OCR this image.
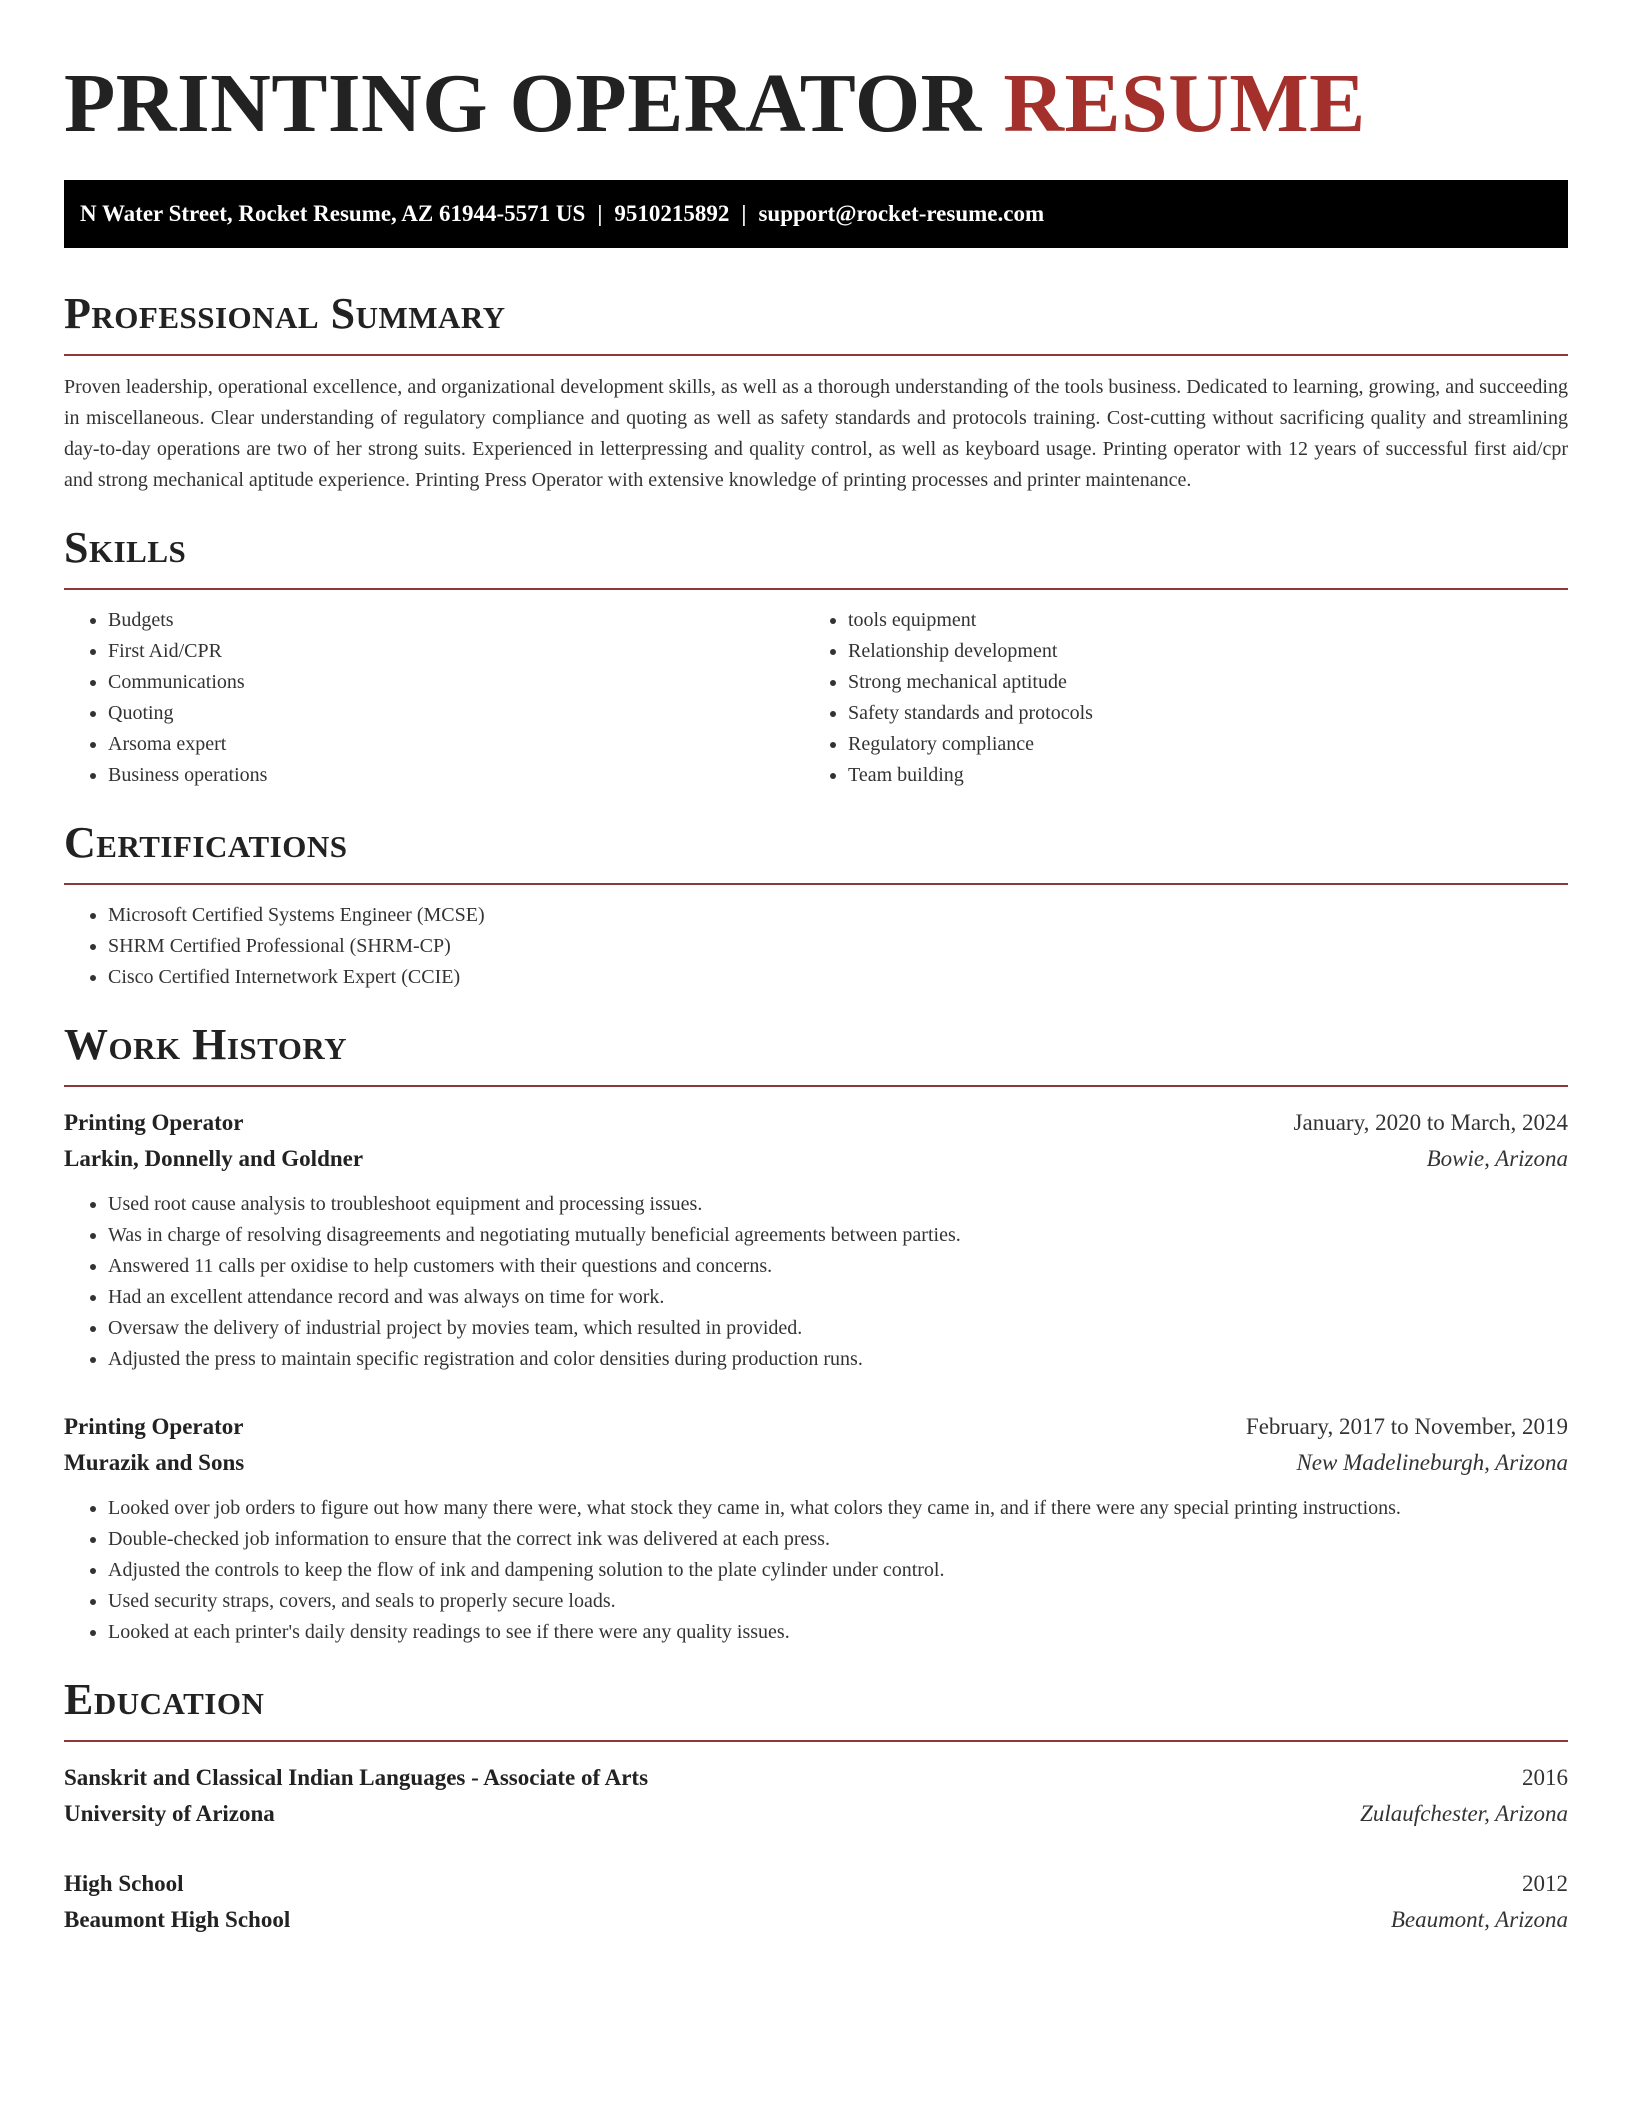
PRINTING OPERATOR RESUME
N Water Street, Rocket Resume, AZ 61944-5571 US | 9510215892 | support@rocket-resume.com
Professional Summary

Proven leadership, operational excellence, and organizational development skills, as well as a thorough understanding of the tools business. Dedicated to learning, growing, and succeeding in miscellaneous. Clear understanding of regulatory compliance and quoting as well as safety standards and protocols training. Cost-cutting without sacrificing quality and streamlining day-to-day operations are two of her strong suits. Experienced in letterpressing and quality control, as well as keyboard usage. Printing operator with 12 years of successful first aid/cpr and strong mechanical aptitude experience. Printing Press Operator with extensive knowledge of printing processes and printer maintenance.

Skills
• Budgets
• First Aid/CPR
• Communications
• Quoting
• Arsoma expert
• Business operations
• tools equipment
• Relationship development
• Strong mechanical aptitude
• Safety standards and protocols
• Regulatory compliance
• Team building
Certifications
• Microsoft Certified Systems Engineer (MCSE)
• SHRM Certified Professional (SHRM-CP)
• Cisco Certified Internetwork Expert (CCIE)
Work History
Printing Operator	January, 2020 to March, 2024
Larkin, Donnelly and Goldner	Bowie, Arizona
• Used root cause analysis to troubleshoot equipment and processing issues.
• Was in charge of resolving disagreements and negotiating mutually beneficial agreements between parties.
• Answered 11 calls per oxidise to help customers with their questions and concerns.
• Had an excellent attendance record and was always on time for work.
• Oversaw the delivery of industrial project by movies team, which resulted in provided.
• Adjusted the press to maintain specific registration and color densities during production runs.
Printing Operator	February, 2017 to November, 2019
Murazik and Sons	New Madelineburgh, Arizona
• Looked over job orders to figure out how many there were, what stock they came in, what colors they came in, and if there were any special printing instructions.
• Double-checked job information to ensure that the correct ink was delivered at each press.
• Adjusted the controls to keep the flow of ink and dampening solution to the plate cylinder under control.
• Used security straps, covers, and seals to properly secure loads.
• Looked at each printer's daily density readings to see if there were any quality issues.
Education
Sanskrit and Classical Indian Languages - Associate of Arts	2016
University of Arizona	Zulaufchester, Arizona
High School	2012
Beaumont High School	Beaumont, Arizona
